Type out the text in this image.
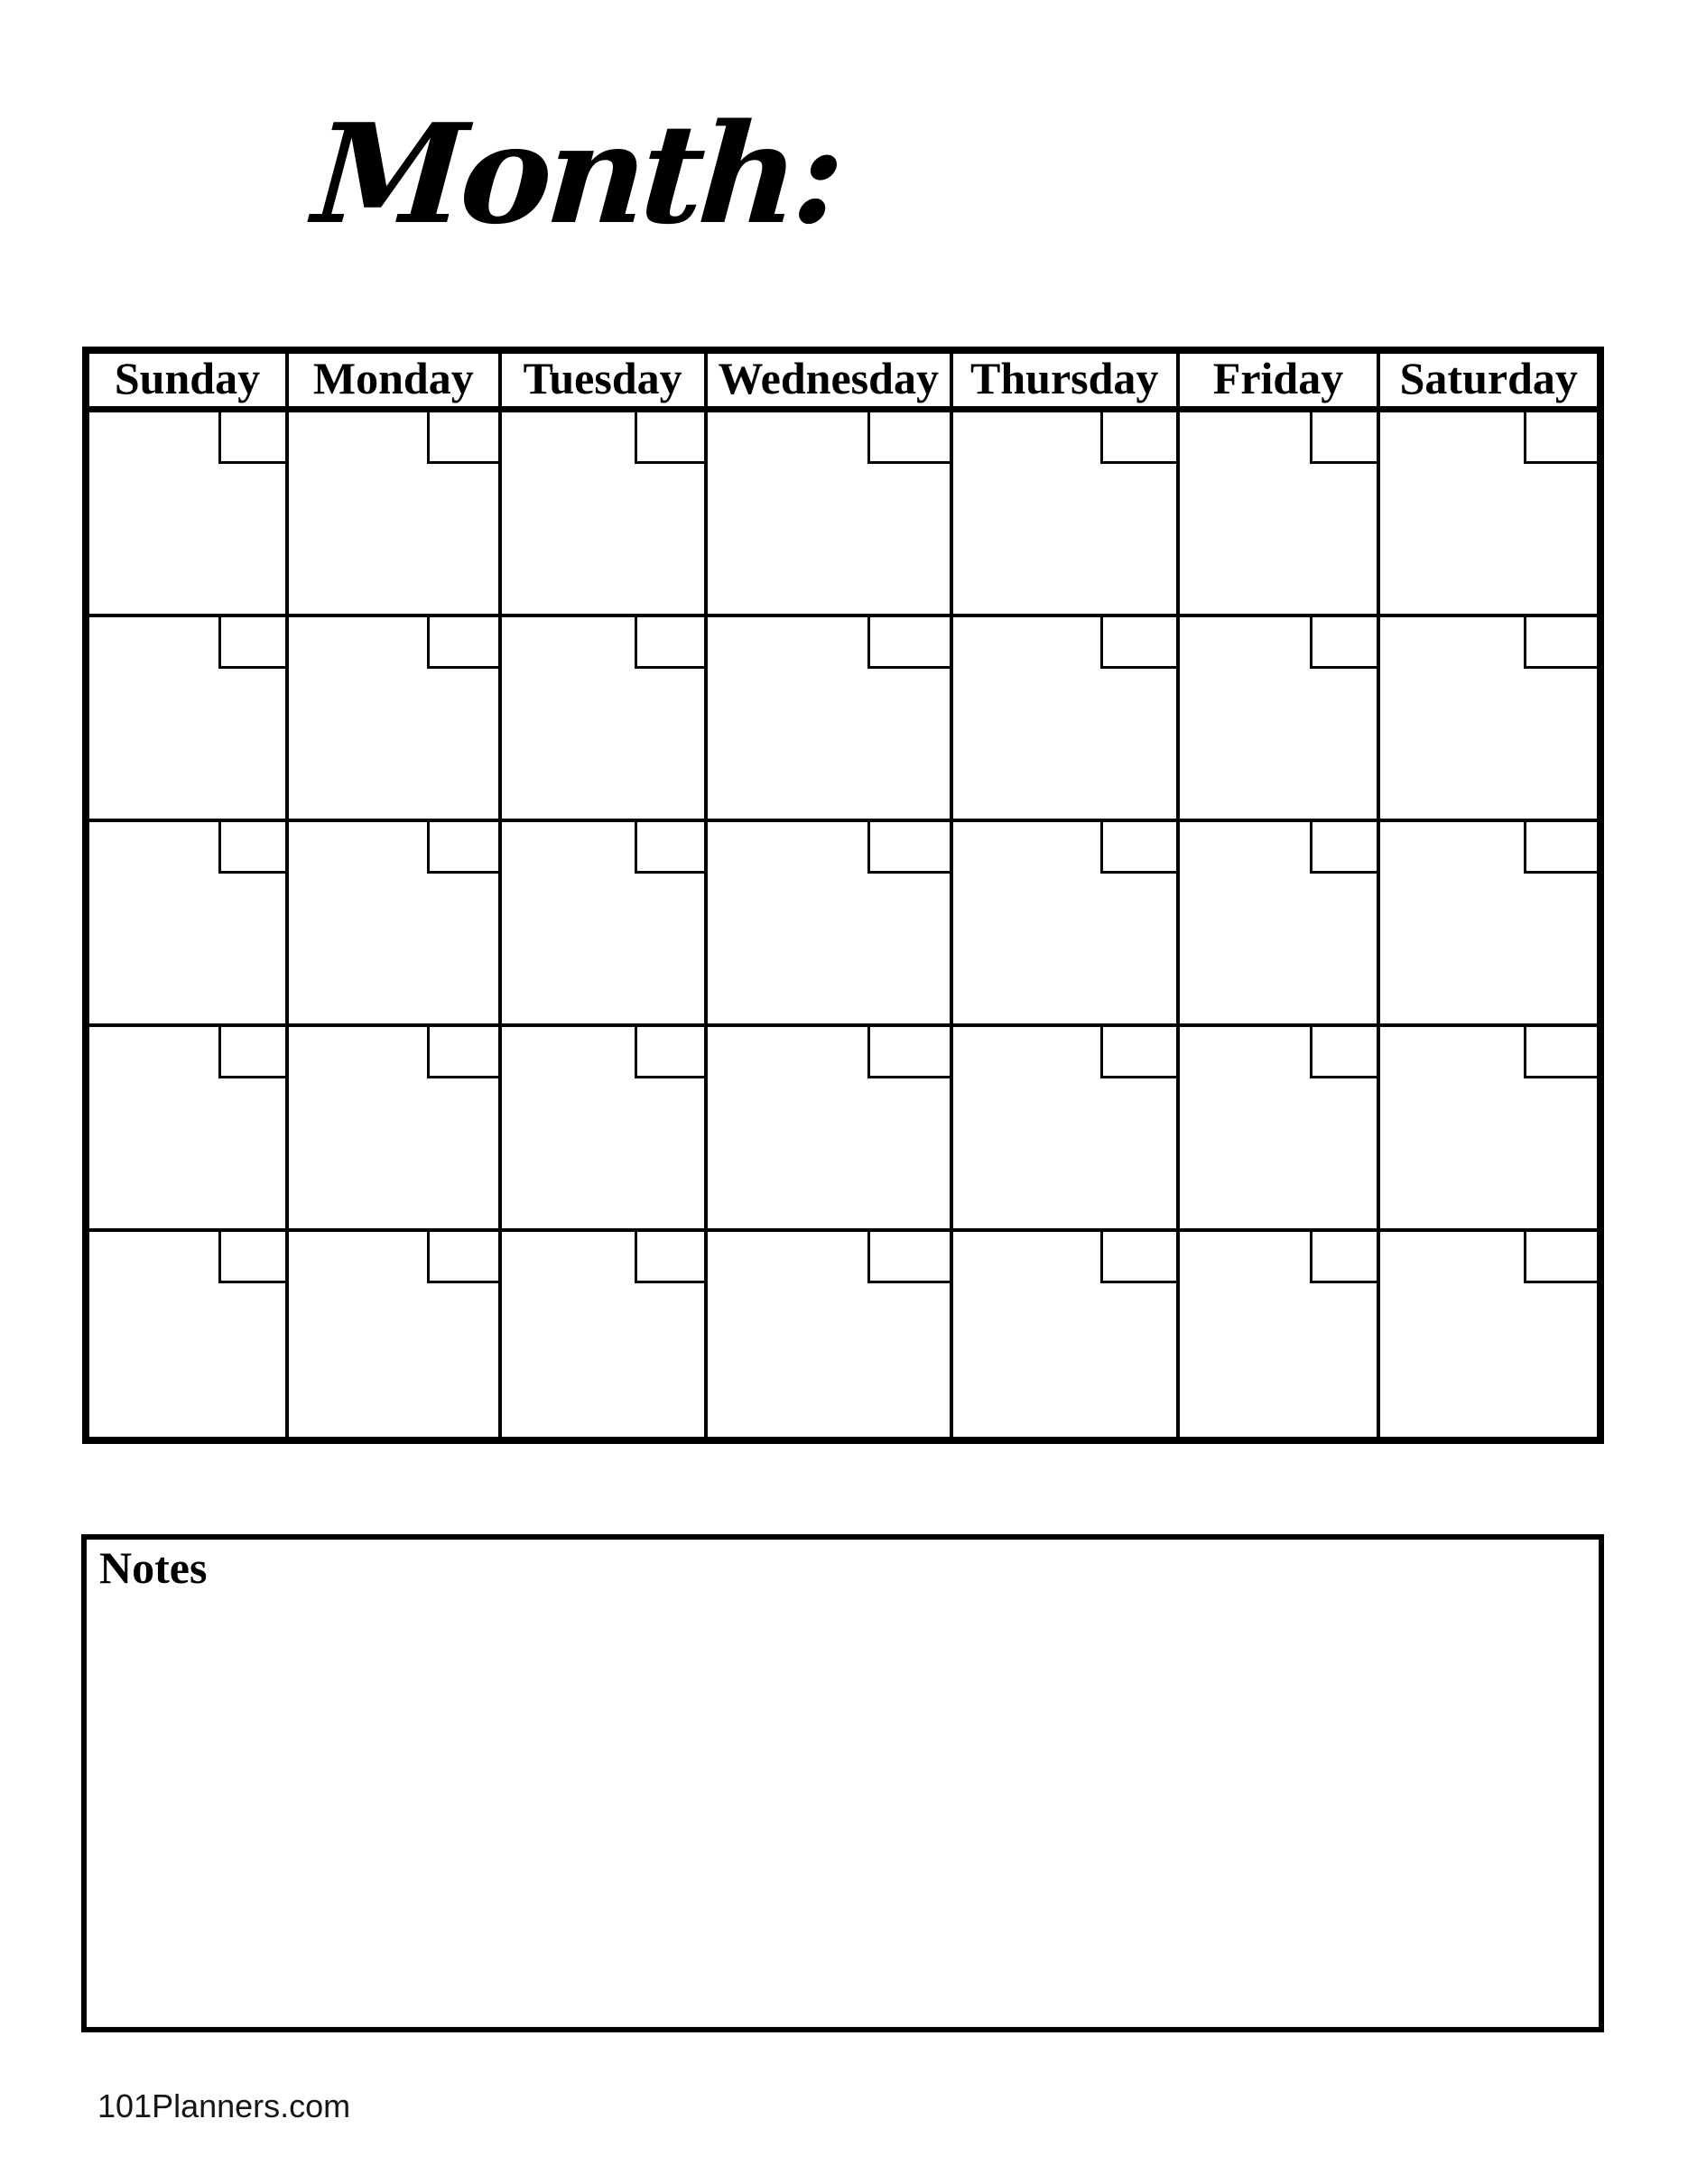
Month:
Sunday	Monday	Tuesday Wednesday Thursday	Friday	Saturday
Notes
101Planners.com
